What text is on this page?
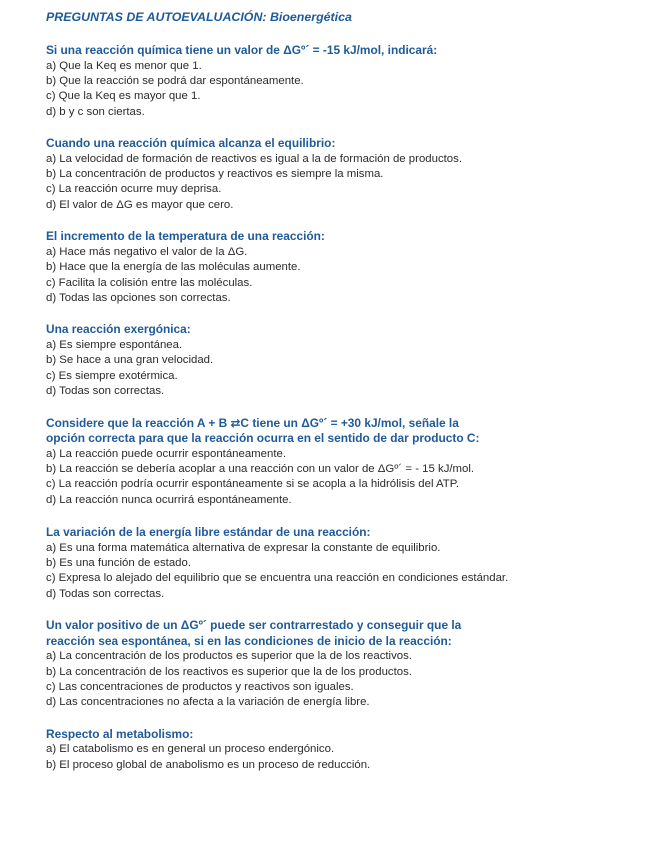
PREGUNTAS DE AUTOEVALUACIÓN: Bioenergética

Si una reacción química tiene un valor de ΔGº´ = -15 kJ/mol, indicará:

a) Que la Keq es menor que 1.
b) Que la reacción se podrá dar espontáneamente.
c) Que la Keq es mayor que 1.
d) b y c son ciertas.

Cuando una reacción química alcanza el equilibrio:

a) La velocidad de formación de reactivos es igual a la de formación de productos.
b) La concentración de productos y reactivos es siempre la misma.
c) La reacción ocurre muy deprisa.
d) El valor de ΔG es mayor que cero.

El incremento de la temperatura de una reacción:

a) Hace más negativo el valor de la ΔG.
b) Hace que la energía de las moléculas aumente.
c) Facilita la colisión entre las moléculas.
d) Todas las opciones son correctas.

Una reacción exergónica:

a) Es siempre espontánea.
b) Se hace a una gran velocidad.
c) Es siempre exotérmica.
d) Todas son correctas.

Considere que la reacción A + B ⇄C tiene un ΔGº´ = +30 kJ/mol, señale la opción correcta para que la reacción ocurra en el sentido de dar producto C:

a) La reacción puede ocurrir espontáneamente.
b) La reacción se debería acoplar a una reacción con un valor de ΔGº´ = - 15 kJ/mol.
c) La reacción podría ocurrir espontáneamente si se acopla a la hidrólisis del ATP.
d) La reacción nunca ocurrirá espontáneamente.

La variación de la energía libre estándar de una reacción:

a) Es una forma matemática alternativa de expresar la constante de equilibrio.
b) Es una función de estado.
c) Expresa lo alejado del equilibrio que se encuentra una reacción en condiciones estándar.
d) Todas son correctas.

Un valor positivo de un ΔGº´ puede ser contrarrestado y conseguir que la reacción sea espontánea, si en las condiciones de inicio de la reacción:

a) La concentración de los productos es superior que la de los reactivos.
b) La concentración de los reactivos es superior que la de los productos.
c) Las concentraciones de productos y reactivos son iguales.
d) Las concentraciones no afecta a la variación de energía libre.

Respecto al metabolismo:

a) El catabolismo es en general un proceso endergónico.
b) El proceso global de anabolismo es un proceso de reducción.
